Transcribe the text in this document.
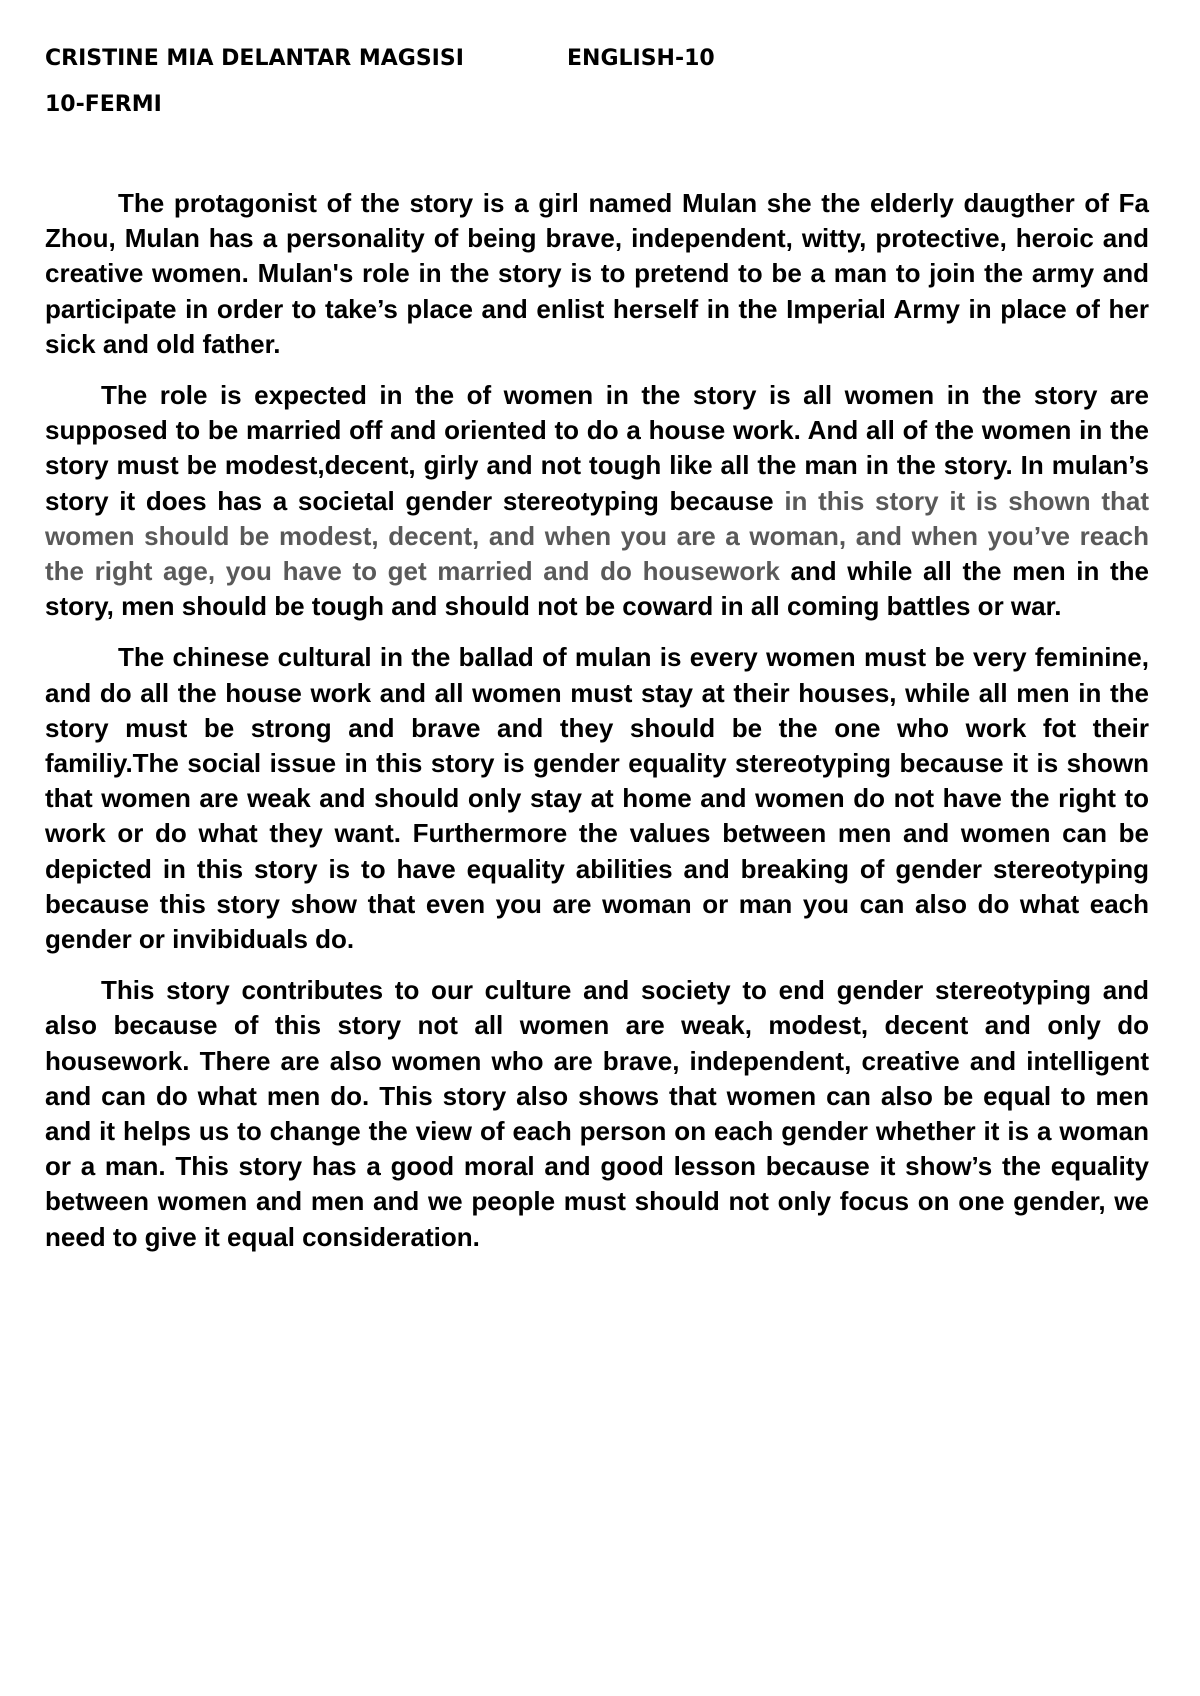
CRISTINE MIA DELANTAR MAGSISI	ENGLISH-10
10-FERMI

The protagonist of the story is a girl named Mulan she the elderly daugther of Fa Zhou, Mulan has a personality of being brave, independent, witty, protective, heroic and creative women. Mulan's role in the story is to pretend to be a man to join the army and participate in order to take’s place and enlist herself in the Imperial Army in place of her sick and old father.

The role is expected in the of women in the story is all women in the story are supposed to be married off and oriented to do a house work. And all of the women in the story must be modest,decent, girly and not tough like all the man in the story. In mulan’s story it does has a societal gender stereotyping because in this story it is shown that women should be modest, decent, and when you are a woman, and when you’ve reach the right age, you have to get married and do housework and while all the men in the story, men should be tough and should not be coward in all coming battles or war.

The chinese cultural in the ballad of mulan is every women must be very feminine, and do all the house work and all women must stay at their houses, while all men in the story must be strong and brave and they should be the one who work fot their familiy.The social issue in this story is gender equality stereotyping because it is shown that women are weak and should only stay at home and women do not have the right to work or do what they want. Furthermore the values between men and women can be depicted in this story is to have equality abilities and breaking of gender stereotyping because this story show that even you are woman or man you can also do what each gender or invibiduals do.

This story contributes to our culture and society to end gender stereotyping and also because of this story not all women are weak, modest, decent and only do housework. There are also women who are brave, independent, creative and intelligent and can do what men do. This story also shows that women can also be equal to men and it helps us to change the view of each person on each gender whether it is a woman or a man. This story has a good moral and good lesson because it show’s the equality between women and men and we people must should not only focus on one gender, we need to give it equal consideration.
